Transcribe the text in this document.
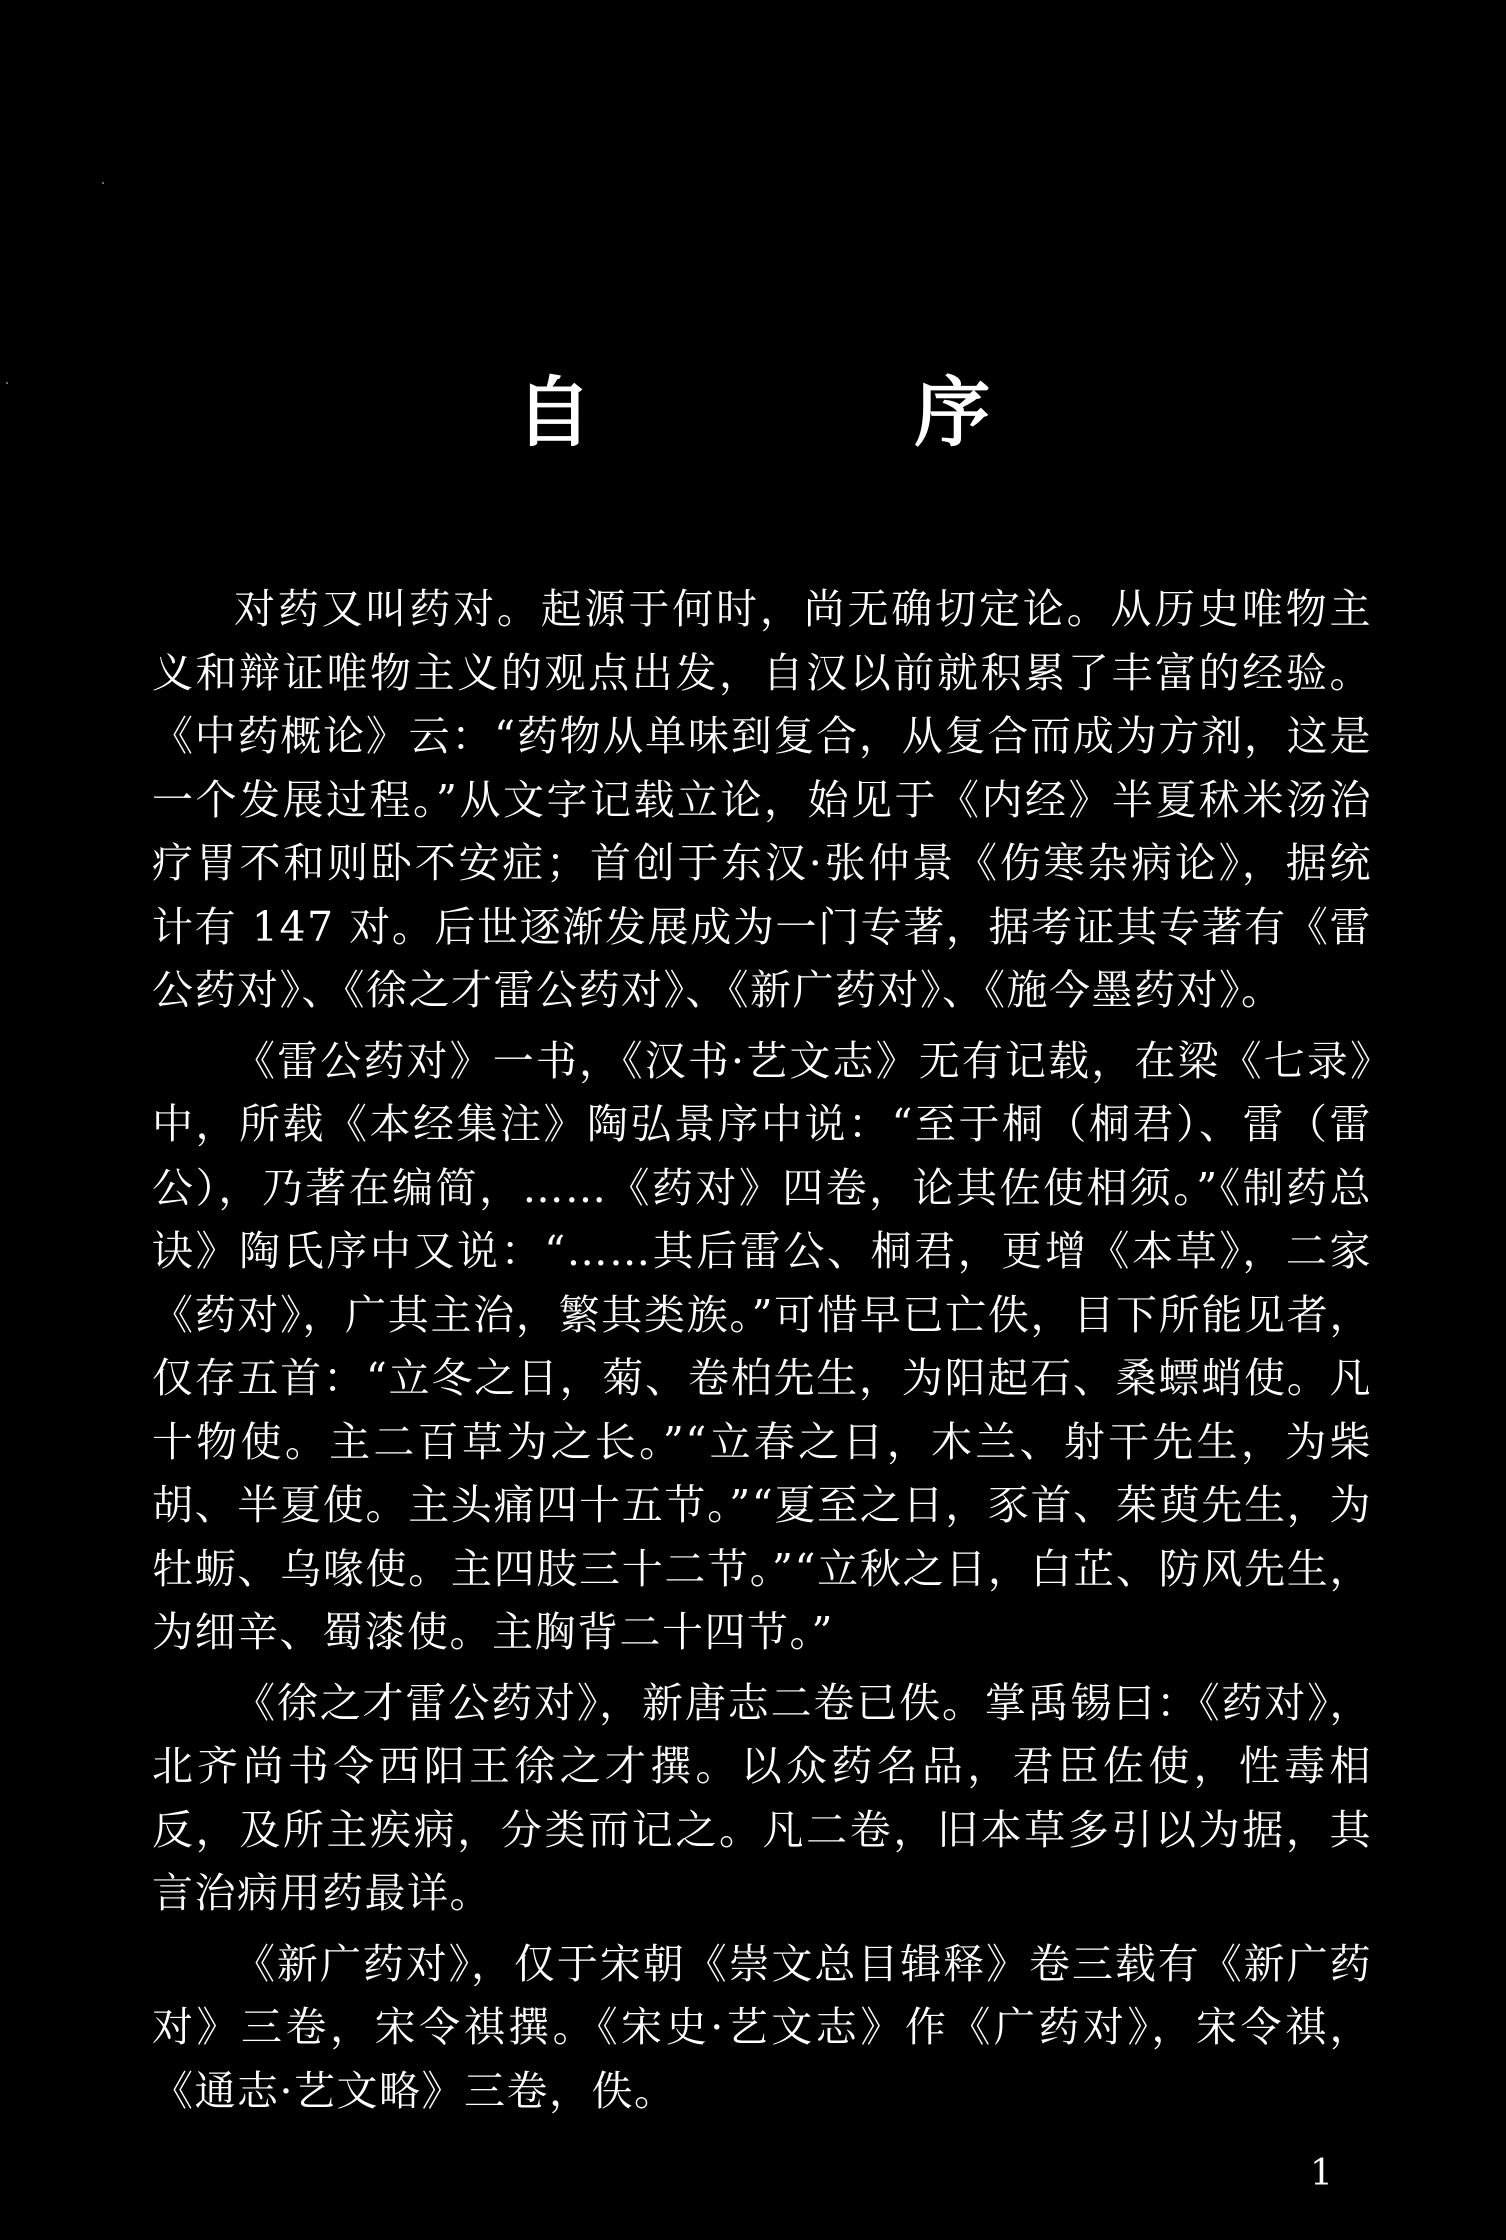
自 序

对药又叫药对。起源于何时，尚无确切定论。从历史唯物主义和辩证唯物主义的观点出发，自汉以前就积累了丰富的经验。《中药概论》云：“药物从单味到复合，从复合而成为方剂，这是一个发展过程。”从文字记载立论，始见于《内经》半夏秫米汤治疗胃不和则卧不安症；首创于东汉·张仲景《伤寒杂病论》，据统计有 147 对。后世逐渐发展成为一门专著，据考证其专著有《雷公药对》、《徐之才雷公药对》、《新广药对》、《施今墨药对》。

《雷公药对》一书，《汉书·艺文志》无有记载，在梁《七录》中，所载《本经集注》陶弘景序中说：“至于桐（桐君）、雷（雷公），乃著在编简，……《药对》四卷，论其佐使相须。”《制药总诀》陶氏序中又说：“……其后雷公、桐君，更增《本草》，二家《药对》，广其主治，繁其类族。”可惜早已亡佚，目下所能见者，仅存五首：“立冬之日，菊、卷柏先生，为阳起石、桑螵蛸使。凡十物使。主二百草为之长。”“立春之日，木兰、射干先生，为柴胡、半夏使。主头痛四十五节。”“夏至之日，豕首、茱萸先生，为牡蛎、乌喙使。主四肢三十二节。”“立秋之日，白芷、防风先生，为细辛、蜀漆使。主胸背二十四节。”

《徐之才雷公药对》，新唐志二卷已佚。掌禹锡曰：《药对》，北齐尚书令西阳王徐之才撰。以众药名品，君臣佐使，性毒相反，及所主疾病，分类而记之。凡二卷，旧本草多引以为据，其言治病用药最详。

《新广药对》，仅于宋朝《崇文总目辑释》卷三载有《新广药对》三卷，宋令祺撰。《宋史·艺文志》作《广药对》，宋令祺，《通志·艺文略》三卷，佚。

1
